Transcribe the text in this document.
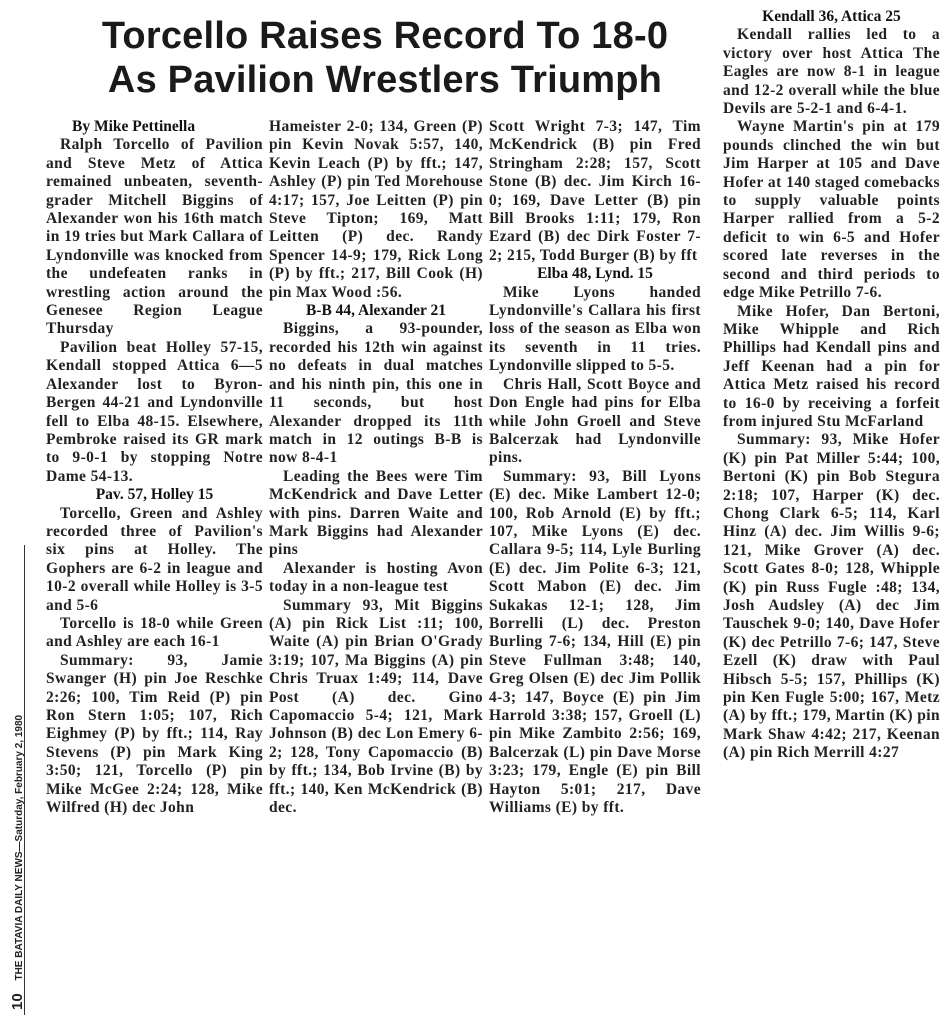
Torcello Raises Record To 18-0
As Pavilion Wrestlers Triumph
10 THE BATAVIA DAILY NEWS—Saturday, February 2, 1980

By Mike Pettinella

Ralph Torcello of Pavilion and Steve Metz of Attica remained unbeaten, seventh-grader Mitchell Biggins of Alexander won his 16th match in 19 tries but Mark Callara of Lyndonville was knocked from the undefeaten ranks in wrestling action around the Genesee Region League Thursday

Pavilion beat Holley 57-15, Kendall stopped Attica 6—5 Alexander lost to Byron-Bergen 44-21 and Lyndonville fell to Elba 48-15. Elsewhere, Pembroke raised its GR mark to 9-0-1 by stopping Notre Dame 54-13.

Pav. 57, Holley 15

Torcello, Green and Ashley recorded three of Pavilion's six pins at Holley. The Gophers are 6-2 in league and 10-2 overall while Holley is 3-5 and 5-6

Torcello is 18-0 while Green and Ashley are each 16-1

Summary: 93, Jamie Swanger (H) pin Joe Reschke 2:26; 100, Tim Reid (P) pin Ron Stern 1:05; 107, Rich Eighmey (P) by fft.; 114, Ray Stevens (P) pin Mark King 3:50; 121, Torcello (P) pin Mike McGee 2:24; 128, Mike Wilfred (H) dec John

Hameister 2-0; 134, Green (P) pin Kevin Novak 5:57, 140, Kevin Leach (P) by fft.; 147, Ashley (P) pin Ted Morehouse 4:17; 157, Joe Leitten (P) pin Steve Tipton; 169, Matt Leitten (P) dec. Randy Spencer 14-9; 179, Rick Long (P) by fft.; 217, Bill Cook (H) pin Max Wood :56.

B-B 44, Alexander 21

Biggins, a 93-pounder, recorded his 12th win against no defeats in dual matches and his ninth pin, this one in 11 seconds, but host Alexander dropped its 11th match in 12 outings B-B is now 8-4-1

Leading the Bees were Tim McKendrick and Dave Letter with pins. Darren Waite and Mark Biggins had Alexander pins

Alexander is hosting Avon today in a non-league test

Summary 93, Mit Biggins (A) pin Rick List :11; 100, Waite (A) pin Brian O'Grady 3:19; 107, Ma Biggins (A) pin Chris Truax 1:49; 114, Dave Post (A) dec. Gino Capomaccio 5-4; 121, Mark Johnson (B) dec Lon Emery 6-2; 128, Tony Capomaccio (B) by fft.; 134, Bob Irvine (B) by fft.; 140, Ken McKendrick (B) dec.

Scott Wright 7-3; 147, Tim McKendrick (B) pin Fred Stringham 2:28; 157, Scott Stone (B) dec. Jim Kirch 16-0; 169, Dave Letter (B) pin Bill Brooks 1:11; 179, Ron Ezard (B) dec Dirk Foster 7-2; 215, Todd Burger (B) by fft

Elba 48, Lynd. 15

Mike Lyons handed Lyndonville's Callara his first loss of the season as Elba won its seventh in 11 tries. Lyndonville slipped to 5-5.

Chris Hall, Scott Boyce and Don Engle had pins for Elba while John Groell and Steve Balcerzak had Lyndonville pins.

Summary: 93, Bill Lyons (E) dec. Mike Lambert 12-0; 100, Rob Arnold (E) by fft.; 107, Mike Lyons (E) dec. Callara 9-5; 114, Lyle Burling (E) dec. Jim Polite 6-3; 121, Scott Mabon (E) dec. Jim Sukakas 12-1; 128, Jim Borrelli (L) dec. Preston Burling 7-6; 134, Hill (E) pin Steve Fullman 3:48; 140, Greg Olsen (E) dec Jim Pollik 4-3; 147, Boyce (E) pin Jim Harrold 3:38; 157, Groell (L) pin Mike Zambito 2:56; 169, Balcerzak (L) pin Dave Morse 3:23; 179, Engle (E) pin Bill Hayton 5:01; 217, Dave Williams (E) by fft.

Kendall 36, Attica 25

Kendall rallies led to a victory over host Attica The Eagles are now 8-1 in league and 12-2 overall while the blue Devils are 5-2-1 and 6-4-1.

Wayne Martin's pin at 179 pounds clinched the win but Jim Harper at 105 and Dave Hofer at 140 staged comebacks to supply valuable points Harper rallied from a 5-2 deficit to win 6-5 and Hofer scored late reverses in the second and third periods to edge Mike Petrillo 7-6.

Mike Hofer, Dan Bertoni, Mike Whipple and Rich Phillips had Kendall pins and Jeff Keenan had a pin for Attica Metz raised his record to 16-0 by receiving a forfeit from injured Stu McFarland

Summary: 93, Mike Hofer (K) pin Pat Miller 5:44; 100, Bertoni (K) pin Bob Stegura 2:18; 107, Harper (K) dec. Chong Clark 6-5; 114, Karl Hinz (A) dec. Jim Willis 9-6; 121, Mike Grover (A) dec. Scott Gates 8-0; 128, Whipple (K) pin Russ Fugle :48; 134, Josh Audsley (A) dec Jim Tauschek 9-0; 140, Dave Hofer (K) dec Petrillo 7-6; 147, Steve Ezell (K) draw with Paul Hibsch 5-5; 157, Phillips (K) pin Ken Fugle 5:00; 167, Metz (A) by fft.; 179, Martin (K) pin Mark Shaw 4:42; 217, Keenan (A) pin Rich Merrill 4:27
